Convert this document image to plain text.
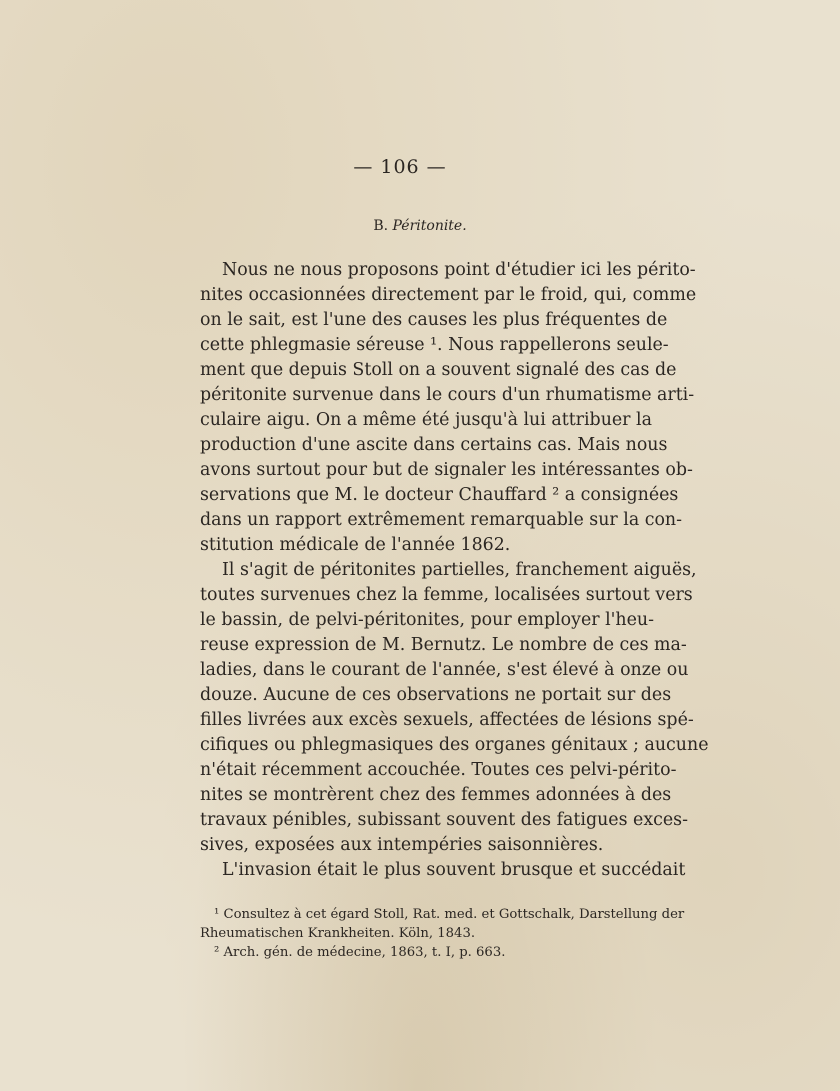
— 106 —
B. Péritonite.
Nous ne nous proposons point d'étudier ici les périto-
nites occasionnées directement par le froid, qui, comme
on le sait, est l'une des causes les plus fréquentes de
cette phlegmasie séreuse ¹. Nous rappellerons seule-
ment que depuis Stoll on a souvent signalé des cas de
péritonite survenue dans le cours d'un rhumatisme arti-
culaire aigu. On a même été jusqu'à lui attribuer la
production d'une ascite dans certains cas. Mais nous
avons surtout pour but de signaler les intéressantes ob-
servations que M. le docteur Chauffard ² a consignées
dans un rapport extrêmement remarquable sur la con-
stitution médicale de l'année 1862.
Il s'agit de péritonites partielles, franchement aiguës,
toutes survenues chez la femme, localisées surtout vers
le bassin, de pelvi-péritonites, pour employer l'heu-
reuse expression de M. Bernutz. Le nombre de ces ma-
ladies, dans le courant de l'année, s'est élevé à onze ou
douze. Aucune de ces observations ne portait sur des
filles livrées aux excès sexuels, affectées de lésions spé-
cifiques ou phlegmasiques des organes génitaux ; aucune
n'était récemment accouchée. Toutes ces pelvi-périto-
nites se montrèrent chez des femmes adonnées à des
travaux pénibles, subissant souvent des fatigues exces-
sives, exposées aux intempéries saisonnières.
L'invasion était le plus souvent brusque et succédait
¹ Consultez à cet égard Stoll, Rat. med. et Gottschalk, Darstellung der
Rheumatischen Krankheiten. Köln, 1843.
² Arch. gén. de médecine, 1863, t. I, p. 663.
